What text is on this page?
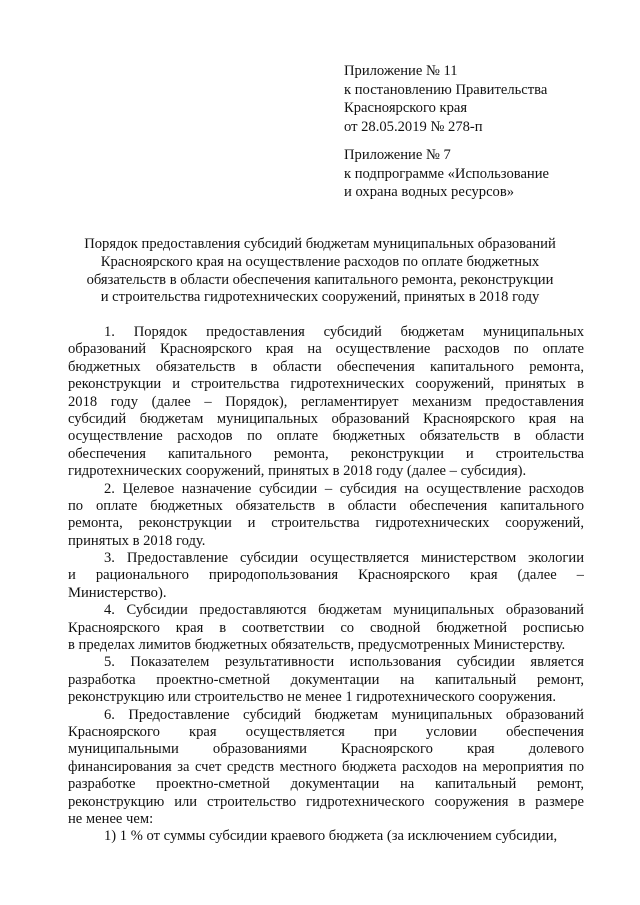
Приложение № 11
к постановлению Правительства
Красноярского края
от 28.05.2019 № 278-п
Приложение № 7
к подпрограмме «Использование
и охрана водных ресурсов»
Порядок предоставления субсидий бюджетам муниципальных образований
Красноярского края на осуществление расходов по оплате бюджетных
обязательств в области обеспечения капитального ремонта, реконструкции
и строительства гидротехнических сооружений, принятых в 2018 году
1. Порядок предоставления субсидий бюджетам муниципальных
образований Красноярского края на осуществление расходов по оплате
бюджетных обязательств в области обеспечения капитального ремонта,
реконструкции и строительства гидротехнических сооружений, принятых в
2018 году (далее – Порядок), регламентирует механизм предоставления
субсидий бюджетам муниципальных образований Красноярского края на
осуществление расходов по оплате бюджетных обязательств в области
обеспечения капитального ремонта, реконструкции и строительства
гидротехнических сооружений, принятых в 2018 году (далее – субсидия).
2. Целевое назначение субсидии – субсидия на осуществление расходов
по оплате бюджетных обязательств в области обеспечения капитального
ремонта, реконструкции и строительства гидротехнических сооружений,
принятых в 2018 году.
3. Предоставление субсидии осуществляется министерством экологии
и рационального природопользования Красноярского края (далее –
Министерство).
4. Субсидии предоставляются бюджетам муниципальных образований
Красноярского края в соответствии со сводной бюджетной росписью
в пределах лимитов бюджетных обязательств, предусмотренных Министерству.
5. Показателем результативности использования субсидии является
разработка проектно-сметной документации на капитальный ремонт,
реконструкцию или строительство не менее 1 гидротехнического сооружения.
6. Предоставление субсидий бюджетам муниципальных образований
Красноярского края осуществляется при условии обеспечения
муниципальными образованиями Красноярского края долевого
финансирования за счет средств местного бюджета расходов на мероприятия по
разработке проектно-сметной документации на капитальный ремонт,
реконструкцию или строительство гидротехнического сооружения в размере
не менее чем:
1) 1 % от суммы субсидии краевого бюджета (за исключением субсидии,
